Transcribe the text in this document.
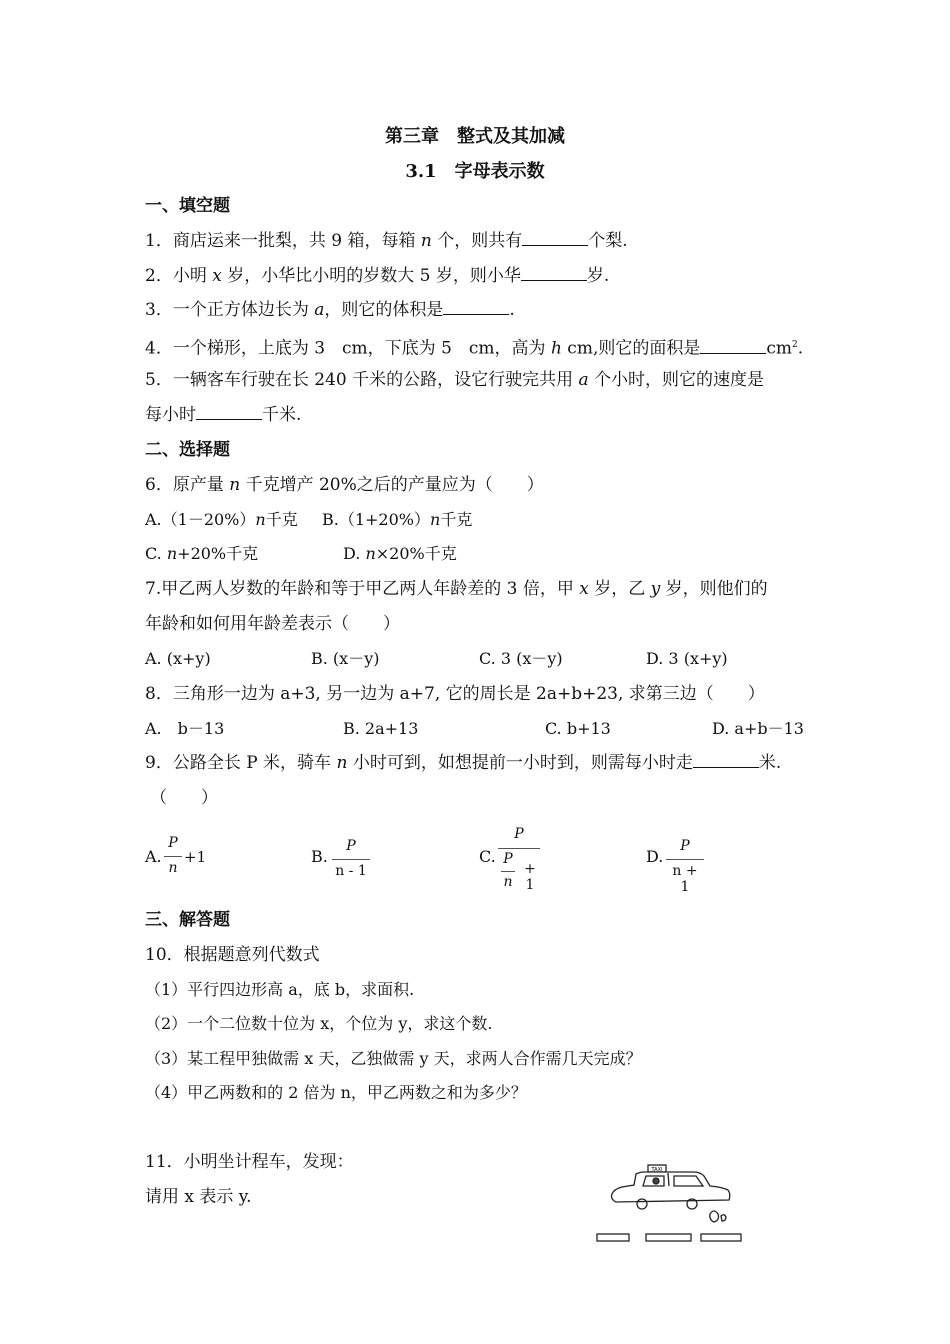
第三章　整式及其加减
3.1　字母表示数
一、填空题
1．商店运来一批梨，共 9 箱，每箱 n 个，则共有	个梨.
2．小明 x 岁，小华比小明的岁数大 5 岁，则小华	岁.
3．一个正方体边长为 a，则它的体积是	.
4．一个梯形，上底为 3　cm，下底为 5　cm，高为 h cm,则它的面积是	$cm^2$.
5．一辆客车行驶在长 240 千米的公路，设它行驶完共用 a 个小时，则它的速度是
每小时	千米.
二、选择题
6．原产量 n 千克增产 20%之后的产量应为（　　）
A.（1－20%）n千克 B.（1+20%）n千克
C. n+20%千克	D. n×20%千克
7.甲乙两人岁数的年龄和等于甲乙两人年龄差的 3 倍，甲 x 岁，乙 y 岁，则他们的
年龄和如何用年龄差表示（　　）
A. (x+y)	B. (x－y)	C. 3 (x－y)	D. 3 (x+y)
8．三角形一边为 a+3, 另一边为 a+7, 它的周长是 2a+b+23, 求第三边（　　）
A.　b－13	B. 2a+13	C. b+13	D. a+b－13
9．公路全长 P 米，骑车 n 小时可到，如想提前一小时到，则需每小时走	米.
（　　）
A.
P
n
+1	B.
P
n - 1
C.
P
P
n
+ 1
D.
P
n + 1
三、解答题
10．根据题意列代数式
（1）平行四边形高 a，底 b，求面积.
（2）一个二位数十位为 x，个位为 y，求这个数.
（3）某工程甲独做需 x 天，乙独做需 y 天，求两人合作需几天完成？
（4）甲乙两数和的 2 倍为 n，甲乙两数之和为多少？
11．小明坐计程车，发现：
请用 x 表示 y.
TAXI
